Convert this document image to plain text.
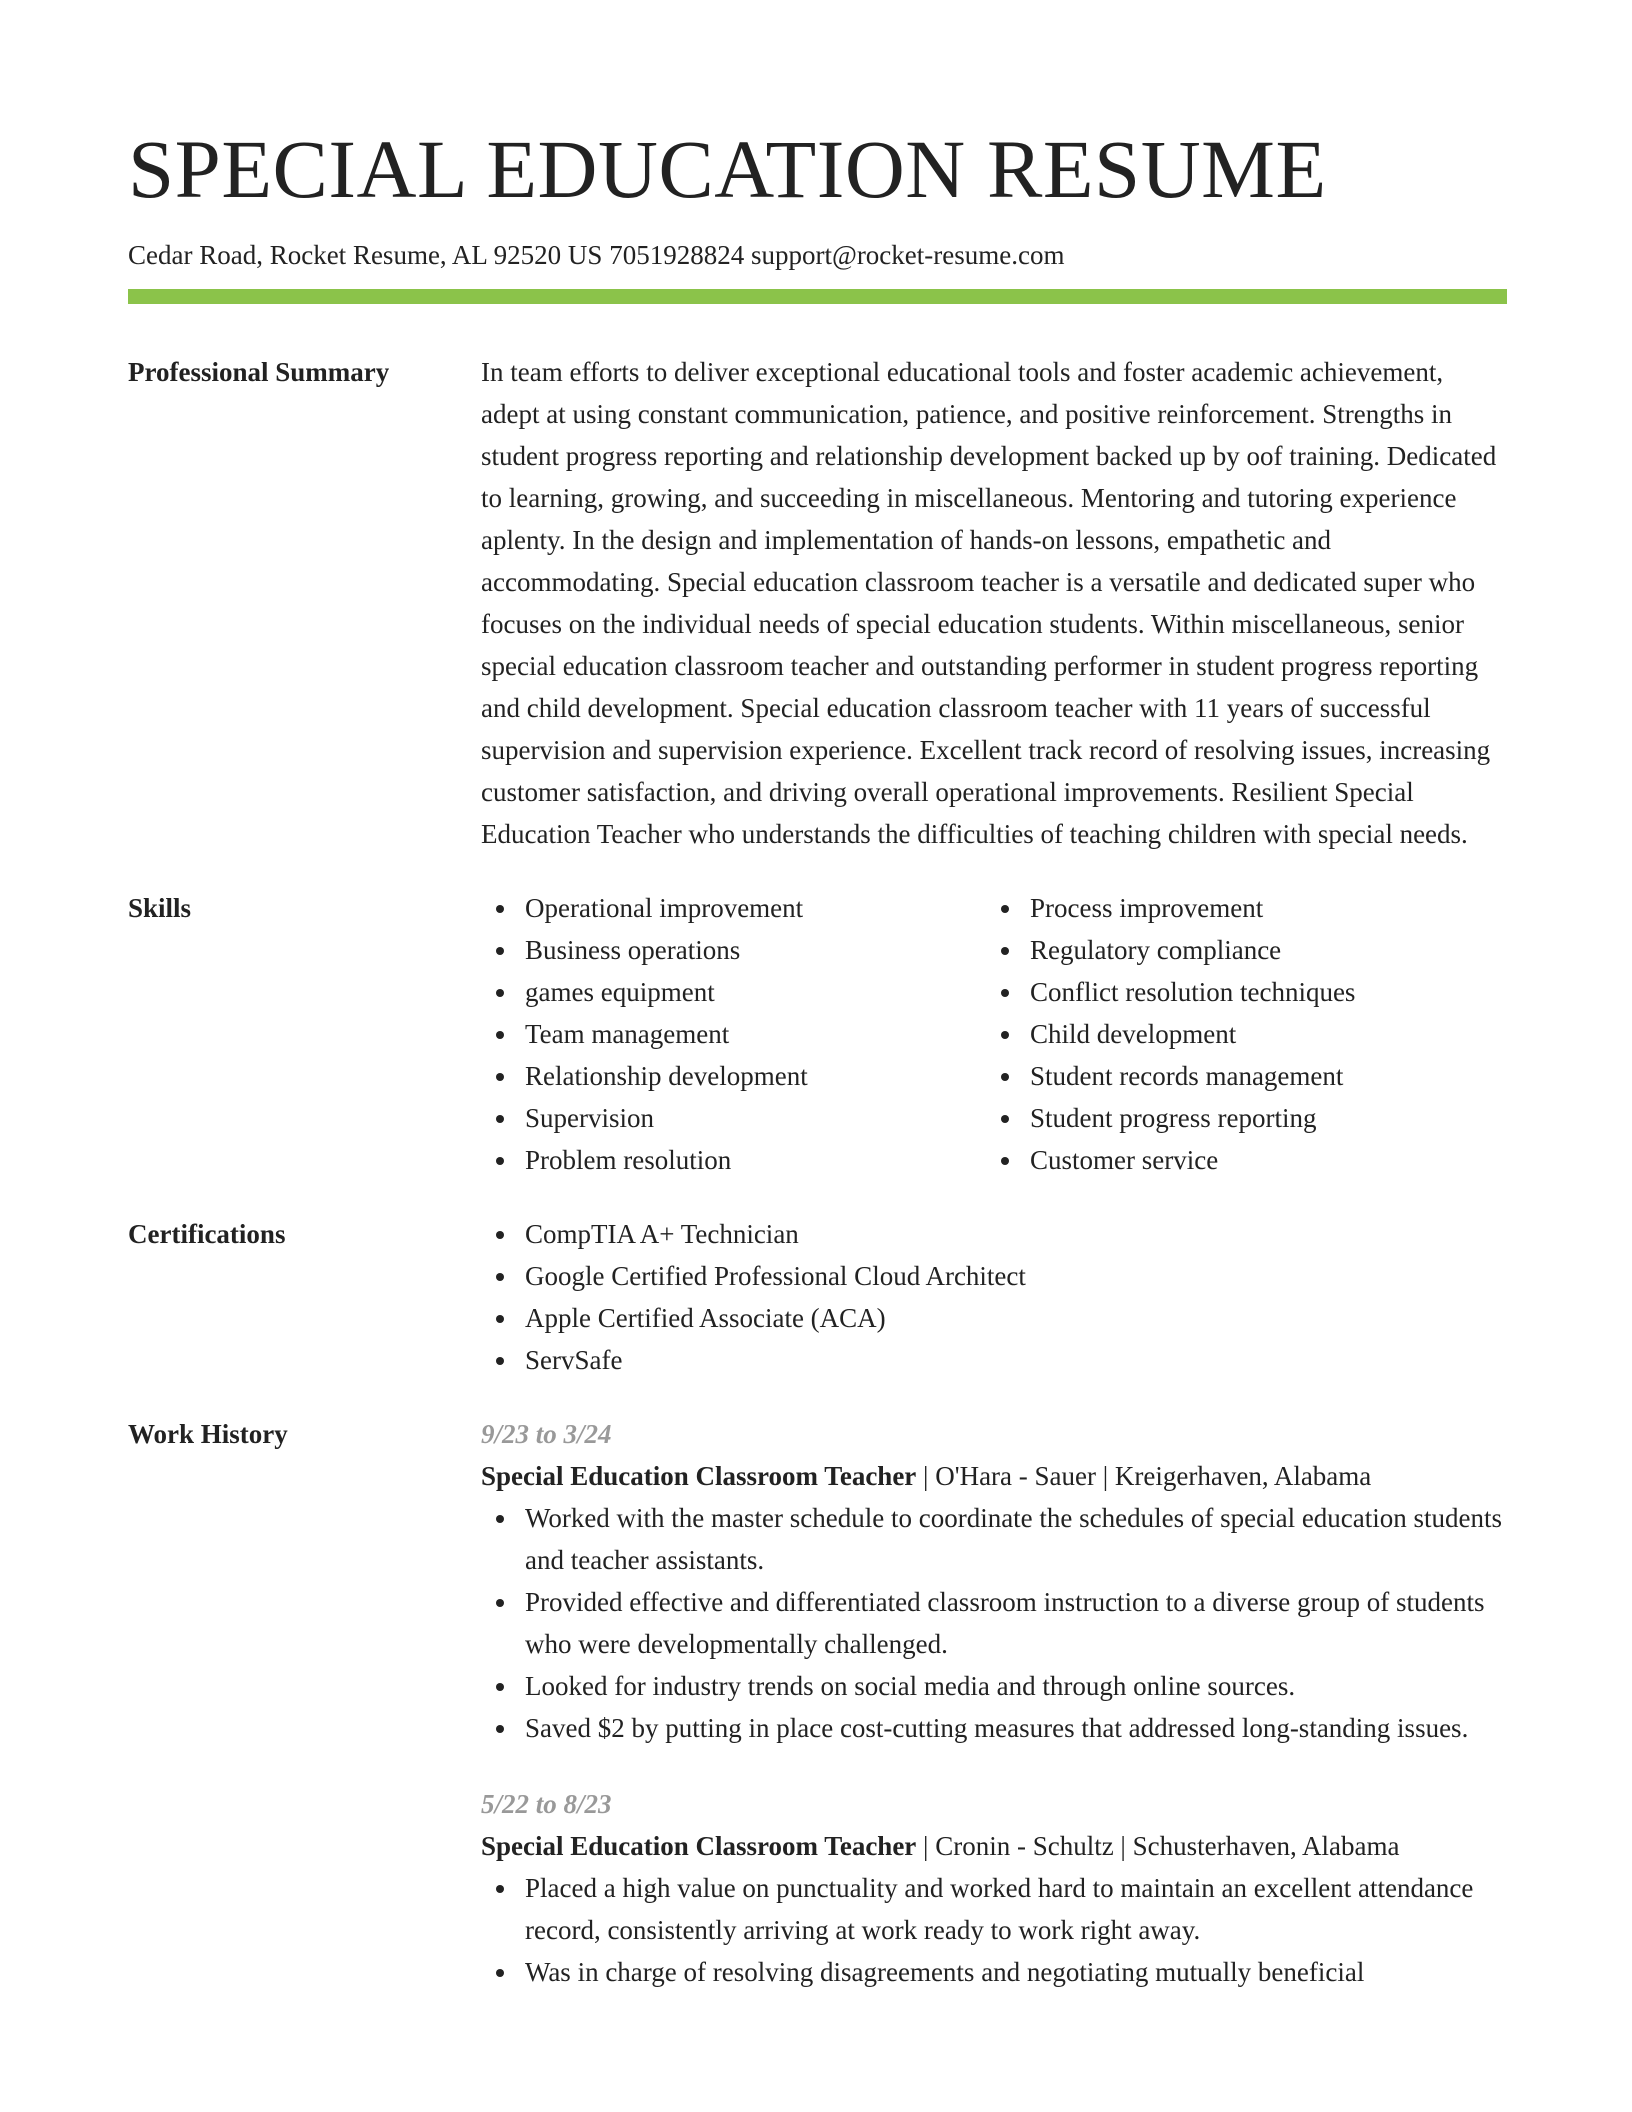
SPECIAL EDUCATION RESUME
Cedar Road, Rocket Resume, AL 92520 US 7051928824 support@rocket-resume.com
Professional Summary	In team efforts to deliver exceptional educational tools and foster academic achievement, adept at using constant communication, patience, and positive reinforcement. Strengths in student progress reporting and relationship development backed up by oof training. Dedicated to learning, growing, and succeeding in miscellaneous. Mentoring and tutoring experience aplenty. In the design and implementation of hands-on lessons, empathetic and accommodating. Special education classroom teacher is a versatile and dedicated super who focuses on the individual needs of special education students. Within miscellaneous, senior special education classroom teacher and outstanding performer in student progress reporting and child development. Special education classroom teacher with 11 years of successful supervision and supervision experience. Excellent track record of resolving issues, increasing customer satisfaction, and driving overall operational improvements. Resilient Special Education Teacher who understands the difficulties of teaching children with special needs.

Skills	Operational improvement
Business operations
games equipment
Team management
Relationship development
Supervision
Problem resolution
Process improvement
Regulatory compliance
Conflict resolution techniques
Child development
Student records management
Student progress reporting
Customer service
Certifications	CompTIA A+ Technician
Google Certified Professional Cloud Architect
Apple Certified Associate (ACA)
ServSafe
Work History	9/23 to 3/24
Special Education Classroom Teacher | O'Hara - Sauer | Kreigerhaven, Alabama
Worked with the master schedule to coordinate the schedules of special education students and teacher assistants.
Provided effective and differentiated classroom instruction to a diverse group of students who were developmentally challenged.
Looked for industry trends on social media and through online sources.
Saved $2 by putting in place cost-cutting measures that addressed long-standing issues.
5/22 to 8/23
Special Education Classroom Teacher | Cronin - Schultz | Schusterhaven, Alabama
Placed a high value on punctuality and worked hard to maintain an excellent attendance record, consistently arriving at work ready to work right away.
Was in charge of resolving disagreements and negotiating mutually beneficial
